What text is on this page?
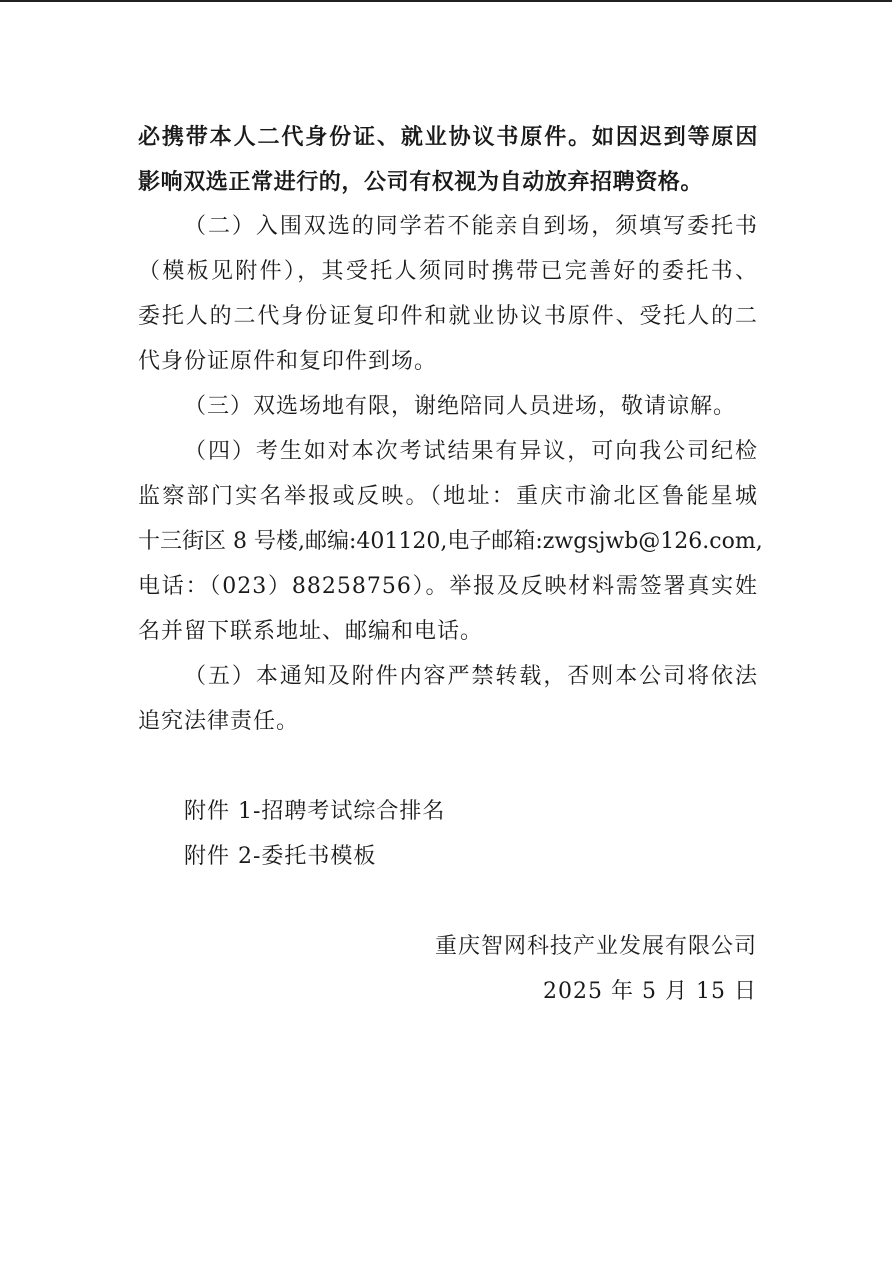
必携带本人二代身份证、就业协议书原件。如因迟到等原因
影响双选正常进行的，公司有权视为自动放弃招聘资格。
（二）入围双选的同学若不能亲自到场，须填写委托书
（模板见附件），其受托人须同时携带已完善好的委托书、
委托人的二代身份证复印件和就业协议书原件、受托人的二
代身份证原件和复印件到场。
（三）双选场地有限，谢绝陪同人员进场，敬请谅解。
（四）考生如对本次考试结果有异议，可向我公司纪检
监察部门实名举报或反映。（地址：重庆市渝北区鲁能星城
十三街区 8 号楼,邮编:401120,电子邮箱:zwgsjwb@126.com,
电话：（023）88258756）。举报及反映材料需签署真实姓
名并留下联系地址、邮编和电话。
（五）本通知及附件内容严禁转载，否则本公司将依法
追究法律责任。
附件 1-招聘考试综合排名
附件 2-委托书模板
重庆智网科技产业发展有限公司
2025 年 5 月 15 日
